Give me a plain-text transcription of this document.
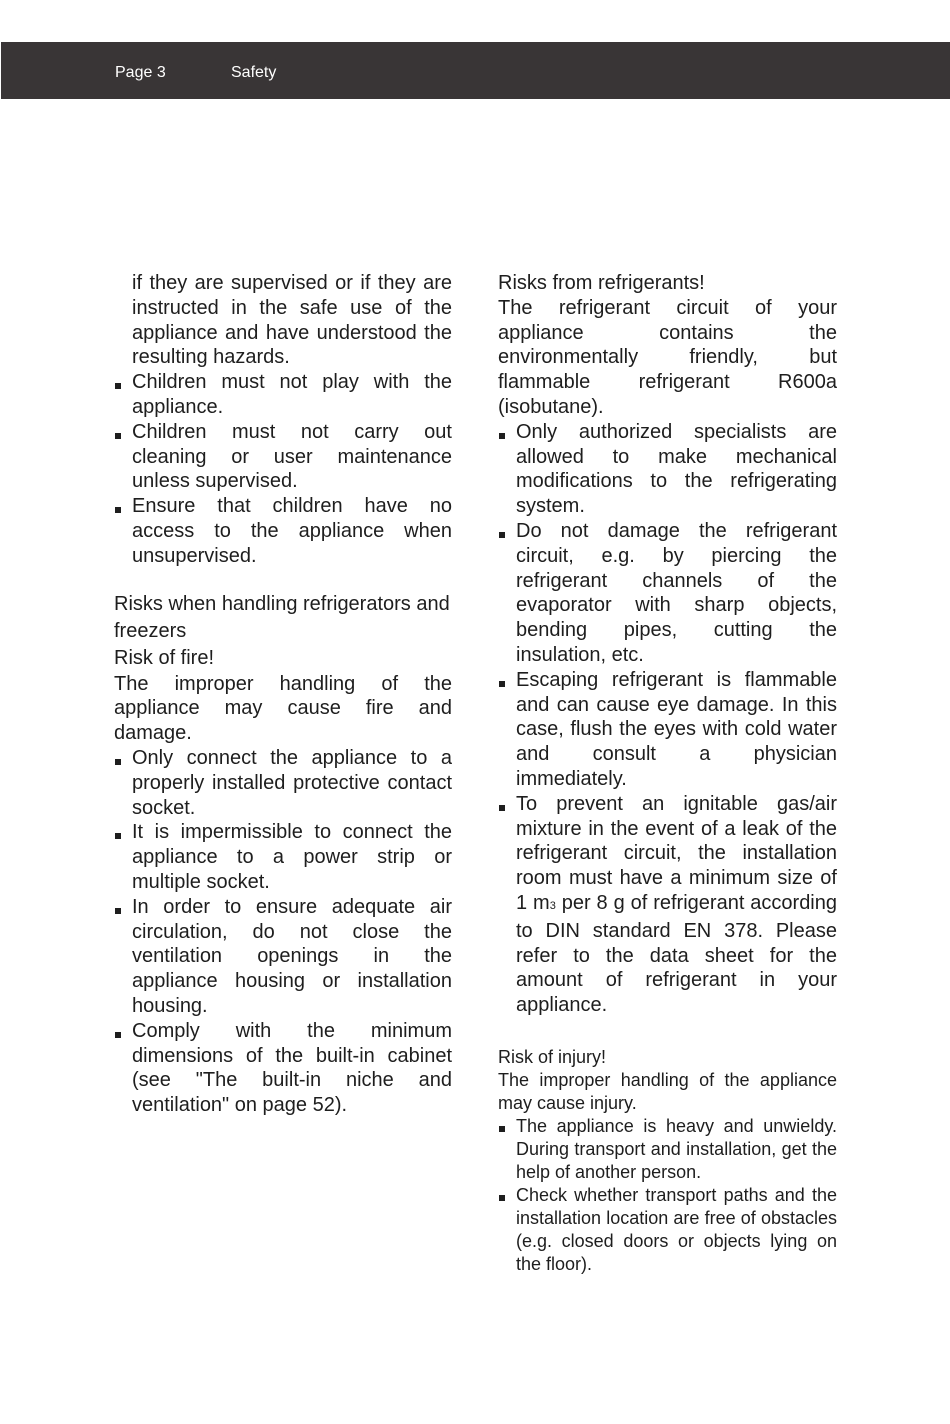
Page 3	Safety

if they are supervised or if they are instructed in the safe use of the appliance and have understood the resulting hazards.

Children must not play with the appliance.
Children must not carry out cleaning or user maintenance unless supervised.
Ensure that children have no access to the appliance when unsupervised.

Risks when handling refrigerators and freezers

Risk of fire!

The improper handling of the appliance may cause fire and damage.

Only connect the appliance to a properly installed protective contact socket.
It is impermissible to connect the appliance to a power strip or multiple socket.
In order to ensure adequate air circulation, do not close the ventilation openings in the appliance housing or installation housing.
Comply with the minimum dimensions of the built-in cabinet (see "The built-in niche and ventilation" on page 52).

Risks from refrigerants!

The refrigerant circuit of your appliance contains the environmentally friendly, but flammable refrigerant R600a (isobutane).

Only authorized specialists are allowed to make mechanical modifications to the refrigerating system.
Do not damage the refrigerant circuit, e.g. by piercing the refrigerant channels of the evaporator with sharp objects, bending pipes, cutting the insulation, etc.
Escaping refrigerant is flammable and can cause eye damage. In this case, flush the eyes with cold water and consult a physician immediately.
To prevent an ignitable gas/air mixture in the event of a leak of the refrigerant circuit, the installation room must have a minimum size of 1 m3 per 8 g of refrigerant according to DIN standard EN 378. Please refer to the data sheet for the amount of refrigerant in your appliance.

Risk of injury!

The improper handling of the appliance may cause injury.

The appliance is heavy and unwieldy. During transport and installation, get the help of another person.
Check whether transport paths and the installation location are free of obstacles (e.g. closed doors or objects lying on the floor).
